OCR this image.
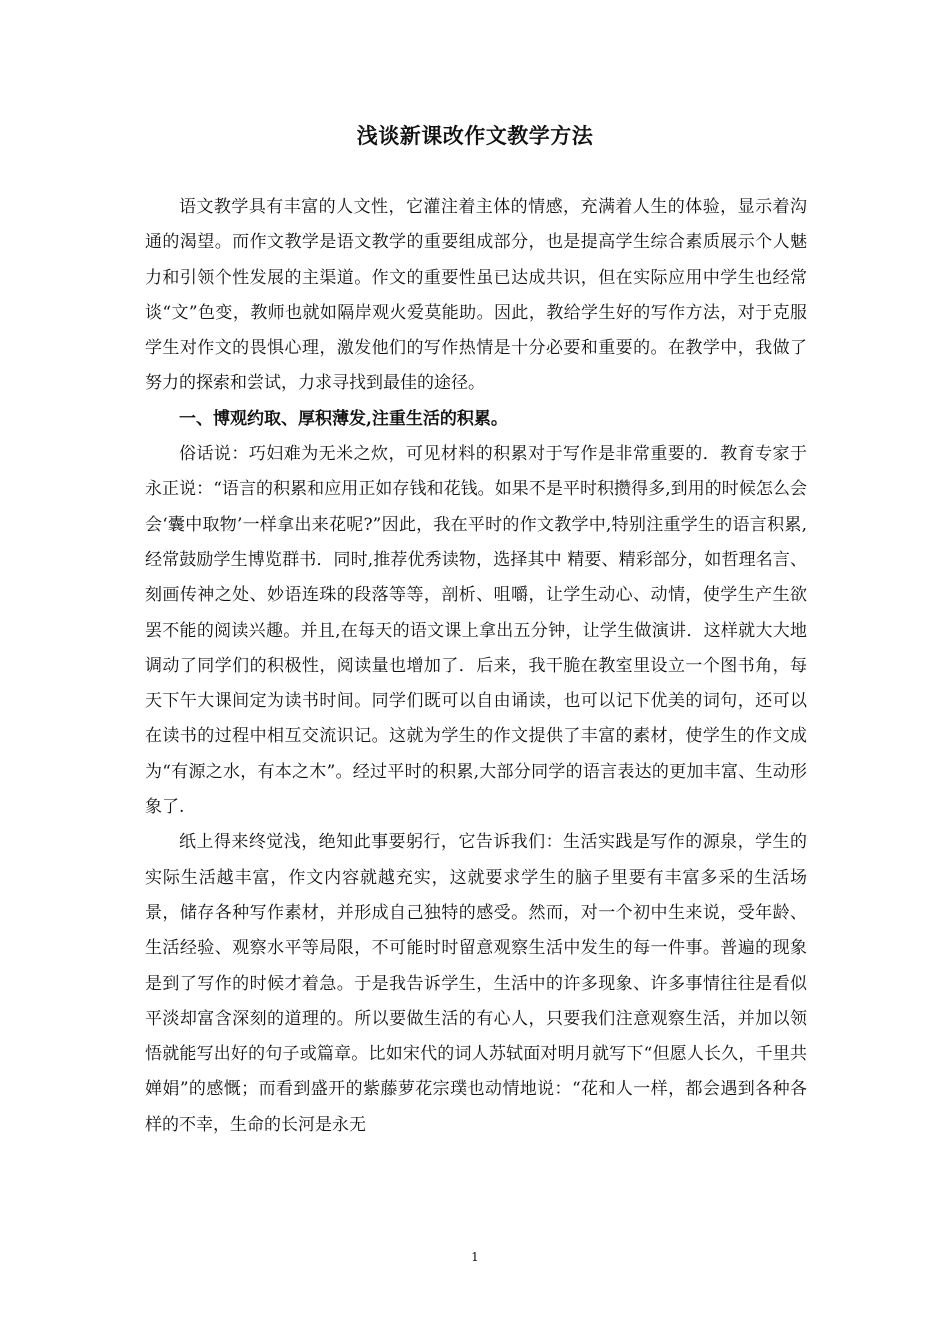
浅谈新课改作文教学方法

语文教学具有丰富的人文性，它灌注着主体的情感，充满着人生的体验，显示着沟通的渴望。而作文教学是语文教学的重要组成部分，也是提高学生综合素质展示个人魅力和引领个性发展的主渠道。作文的重要性虽已达成共识，但在实际应用中学生也经常谈“文”色变，教师也就如隔岸观火爱莫能助。因此，教给学生好的写作方法，对于克服学生对作文的畏惧心理，激发他们的写作热情是十分必要和重要的。在教学中，我做了努力的探索和尝试，力求寻找到最佳的途径。

一、博观约取、厚积薄发,注重生活的积累。

俗话说：巧妇难为无米之炊，可见材料的积累对于写作是非常重要的．教育专家于永正说：“语言的积累和应用正如存钱和花钱。如果不是平时积攒得多,到用的时候怎么会会‘囊中取物’一样拿出来花呢?”因此，我在平时的作文教学中,特别注重学生的语言积累,经常鼓励学生博览群书．同时,推荐优秀读物，选择其中 精要、精彩部分，如哲理名言、刻画传神之处、妙语连珠的段落等等，剖析、咀嚼，让学生动心、动情，使学生产生欲罢不能的阅读兴趣。并且,在每天的语文课上拿出五分钟，让学生做演讲．这样就大大地调动了同学们的积极性，阅读量也增加了．后来，我干脆在教室里设立一个图书角，每天下午大课间定为读书时间。同学们既可以自由诵读，也可以记下优美的词句，还可以在读书的过程中相互交流识记。这就为学生的作文提供了丰富的素材，使学生的作文成为“有源之水，有本之木”。经过平时的积累,大部分同学的语言表达的更加丰富、生动形象了.

纸上得来终觉浅，绝知此事要躬行，它告诉我们：生活实践是写作的源泉，学生的实际生活越丰富，作文内容就越充实，这就要求学生的脑子里要有丰富多采的生活场景，储存各种写作素材，并形成自己独特的感受。然而，对一个初中生来说，受年龄、生活经验、观察水平等局限，不可能时时留意观察生活中发生的每一件事。普遍的现象是到了写作的时候才着急。于是我告诉学生，生活中的许多现象、许多事情往往是看似平淡却富含深刻的道理的。所以要做生活的有心人，只要我们注意观察生活，并加以领悟就能写出好的句子或篇章。比如宋代的词人苏轼面对明月就写下“但愿人长久，千里共婵娟”的感慨；而看到盛开的紫藤萝花宗璞也动情地说：“花和人一样，都会遇到各种各样的不幸，生命的长河是永无

1
